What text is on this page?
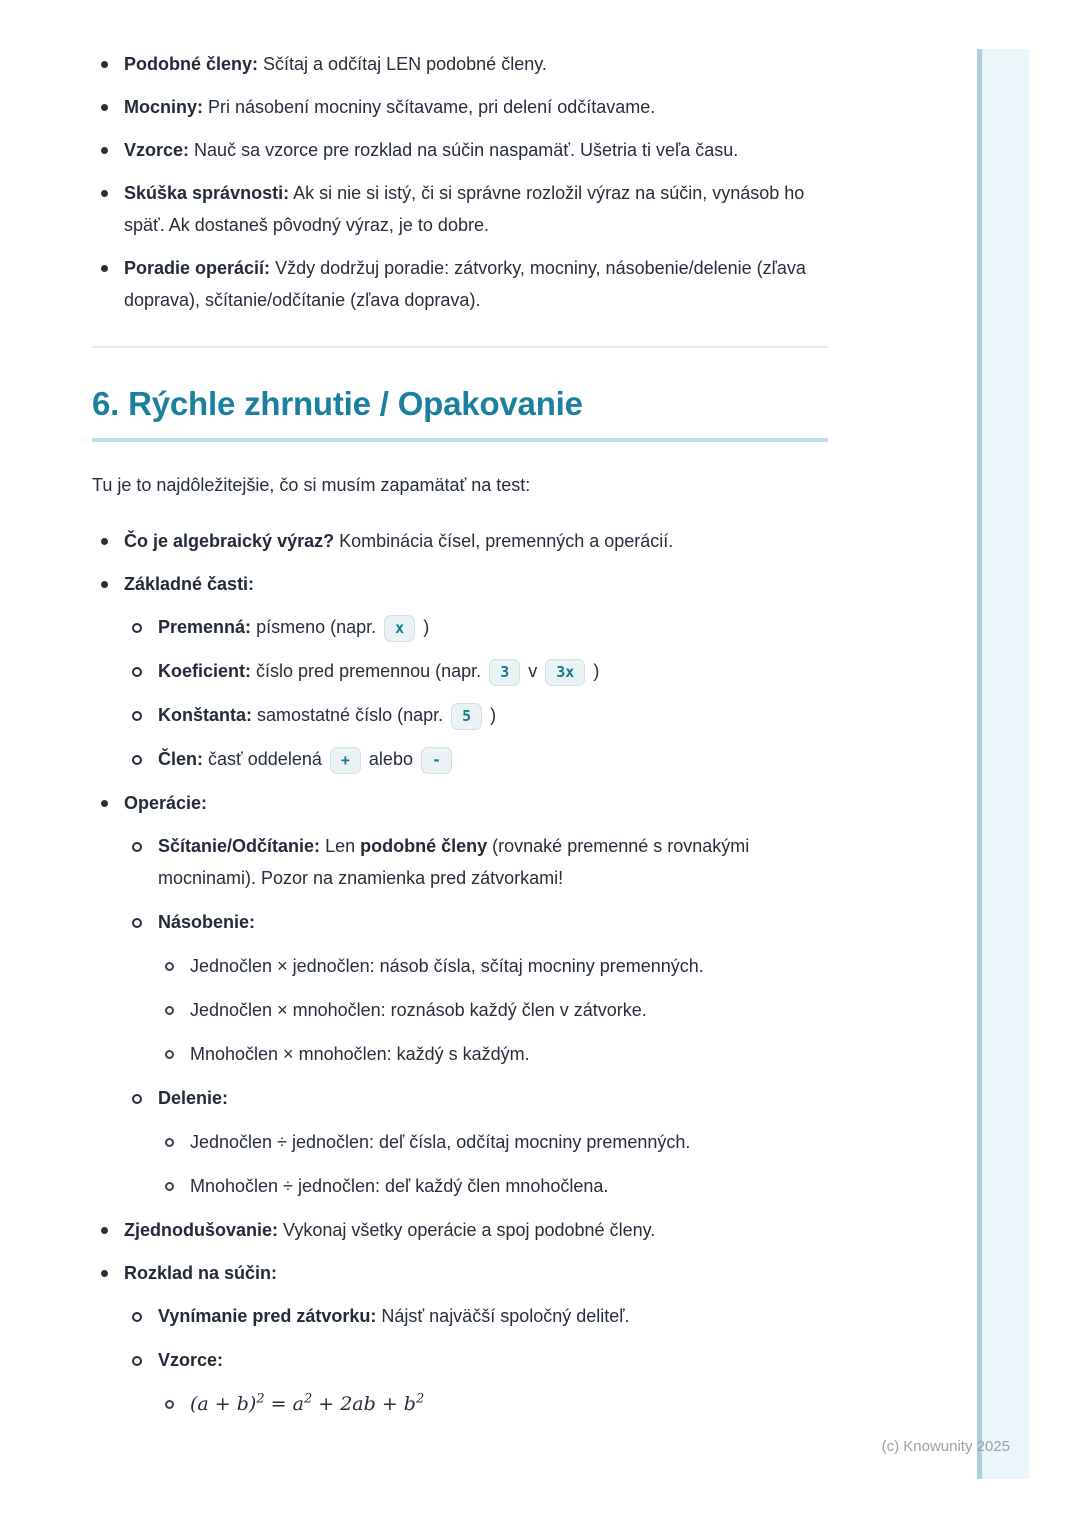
Podobné členy: Sčítaj a odčítaj LEN podobné členy.
Mocniny: Pri násobení mocniny sčítavame, pri delení odčítavame.
Vzorce: Nauč sa vzorce pre rozklad na súčin naspamäť. Ušetria ti veľa času.
Skúška správnosti: Ak si nie si istý, či si správne rozložil výraz na súčin, vynásob ho späť. Ak dostaneš pôvodný výraz, je to dobre.
Poradie operácií: Vždy dodržuj poradie: zátvorky, mocniny, násobenie/delenie (zľava doprava), sčítanie/odčítanie (zľava doprava).
6. Rýchle zhrnutie / Opakovanie
Tu je to najdôležitejšie, čo si musím zapamätať na test:
Čo je algebraický výraz? Kombinácia čísel, premenných a operácií.
Základné časti:
Premenná: písmeno (napr. x )
Koeficient: číslo pred premennou (napr. 3 v 3x )
Konštanta: samostatné číslo (napr. 5 )
Člen: časť oddelená + alebo -
Operácie:
Sčítanie/Odčítanie: Len podobné členy (rovnaké premenné s rovnakými mocninami). Pozor na znamienka pred zátvorkami!
Násobenie:
Jednočlen × jednočlen: násob čísla, sčítaj mocniny premenných.
Jednočlen × mnohočlen: roznásob každý člen v zátvorke.
Mnohočlen × mnohočlen: každý s každým.
Delenie:
Jednočlen ÷ jednočlen: deľ čísla, odčítaj mocniny premenných.
Mnohočlen ÷ jednočlen: deľ každý člen mnohočlena.
Zjednodušovanie: Vykonaj všetky operácie a spoj podobné členy.
Rozklad na súčin:
Vynímanie pred zátvorku: Nájsť najväčší spoločný deliteľ.
Vzorce:
$(a + b)^2 = a^2 + 2ab + b^2$
(c) Knowunity 2025
